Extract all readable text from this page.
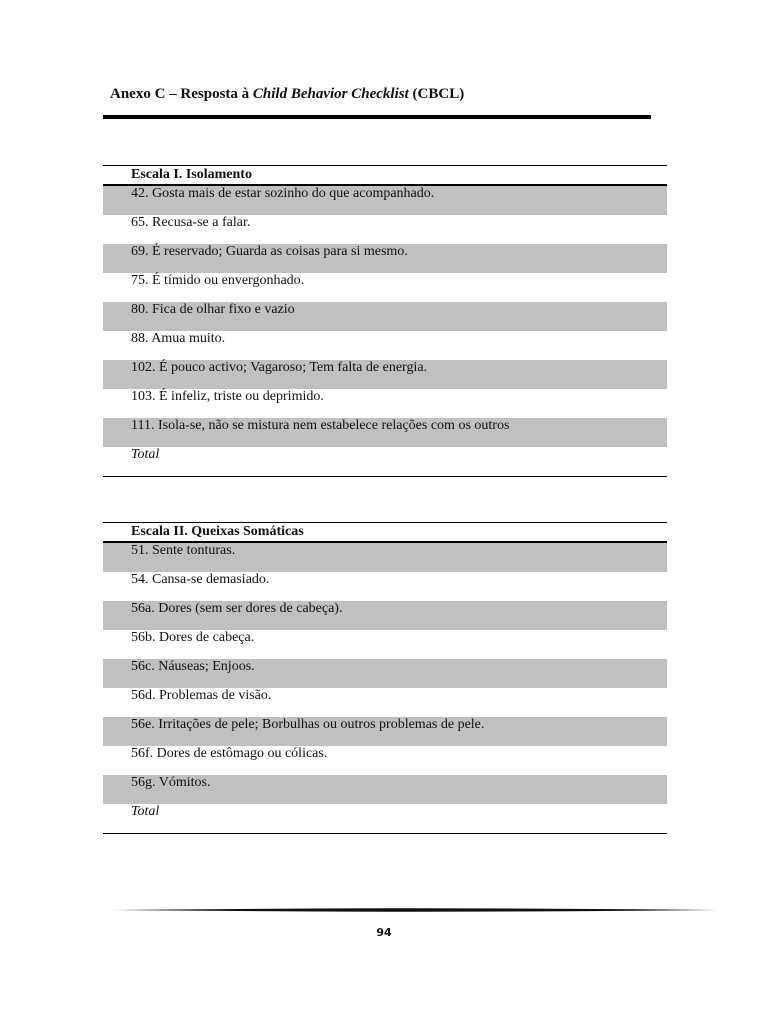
Anexo C – Resposta à Child Behavior Checklist (CBCL)
Escala I. Isolamento
42. Gosta mais de estar sozinho do que acompanhado.
65. Recusa-se a falar.
69. É reservado; Guarda as coisas para si mesmo.
75. É tímido ou envergonhado.
80. Fica de olhar fixo e vazio
88. Amua muito.
102. É pouco activo; Vagaroso; Tem falta de energia.
103. É infeliz, triste ou deprimido.
111. Isola-se, não se mistura nem estabelece relações com os outros
Total
Escala II. Queixas Somáticas
51. Sente tonturas.
54. Cansa-se demasiado.
56a. Dores (sem ser dores de cabeça).
56b. Dores de cabeça.
56c. Náuseas; Enjoos.
56d. Problemas de visão.
56e. Irritações de pele; Borbulhas ou outros problemas de pele.
56f. Dores de estômago ou cólicas.
56g. Vómitos.
Total
94
